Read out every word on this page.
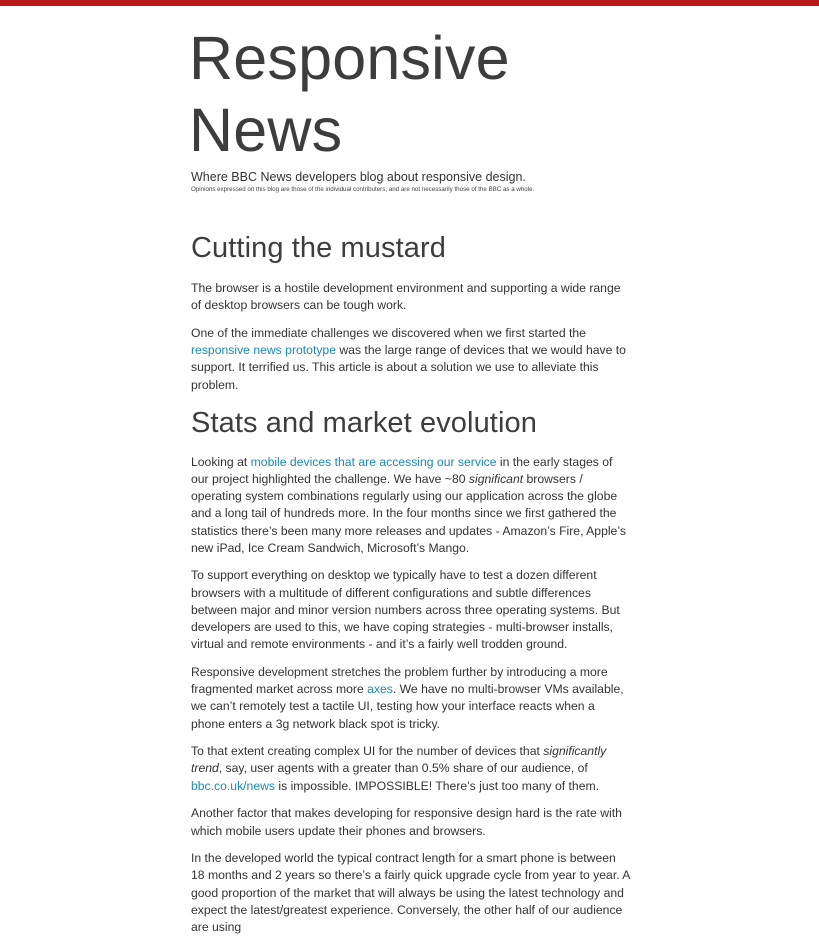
Responsive News

Where BBC News developers blog about responsive design.

Opinions expressed on this blog are those of the individual contributers, and are not necessarily those of the BBC as a whole.

Cutting the mustard

The browser is a hostile development environment and supporting a wide range of desktop browsers can be tough work.

One of the immediate challenges we discovered when we first started the responsive news prototype was the large range of devices that we would have to support. It terrified us. This article is about a solution we use to alleviate this problem.

Stats and market evolution

Looking at mobile devices that are accessing our service in the early stages of our project highlighted the challenge. We have ~80 significant browsers / operating system combinations regularly using our application across the globe and a long tail of hundreds more. In the four months since we first gathered the statistics there’s been many more releases and updates - Amazon’s Fire, Apple’s new iPad, Ice Cream Sandwich, Microsoft’s Mango.

To support everything on desktop we typically have to test a dozen different browsers with a multitude of different configurations and subtle differences between major and minor version numbers across three operating systems. But developers are used to this, we have coping strategies - multi-browser installs, virtual and remote environments - and it’s a fairly well trodden ground.

Responsive development stretches the problem further by introducing a more fragmented market across more axes. We have no multi-browser VMs available, we can’t remotely test a tactile UI, testing how your interface reacts when a phone enters a 3g network black spot is tricky.

To that extent creating complex UI for the number of devices that significantly trend, say, user agents with a greater than 0.5% share of our audience, of bbc.co.uk/news is impossible. IMPOSSIBLE! There’s just too many of them.

Another factor that makes developing for responsive design hard is the rate with which mobile users update their phones and browsers.

In the developed world the typical contract length for a smart phone is between 18 months and 2 years so there’s a fairly quick upgrade cycle from year to year. A good proportion of the market that will always be using the latest technology and expect the latest/greatest experience. Conversely, the other half of our audience are using
